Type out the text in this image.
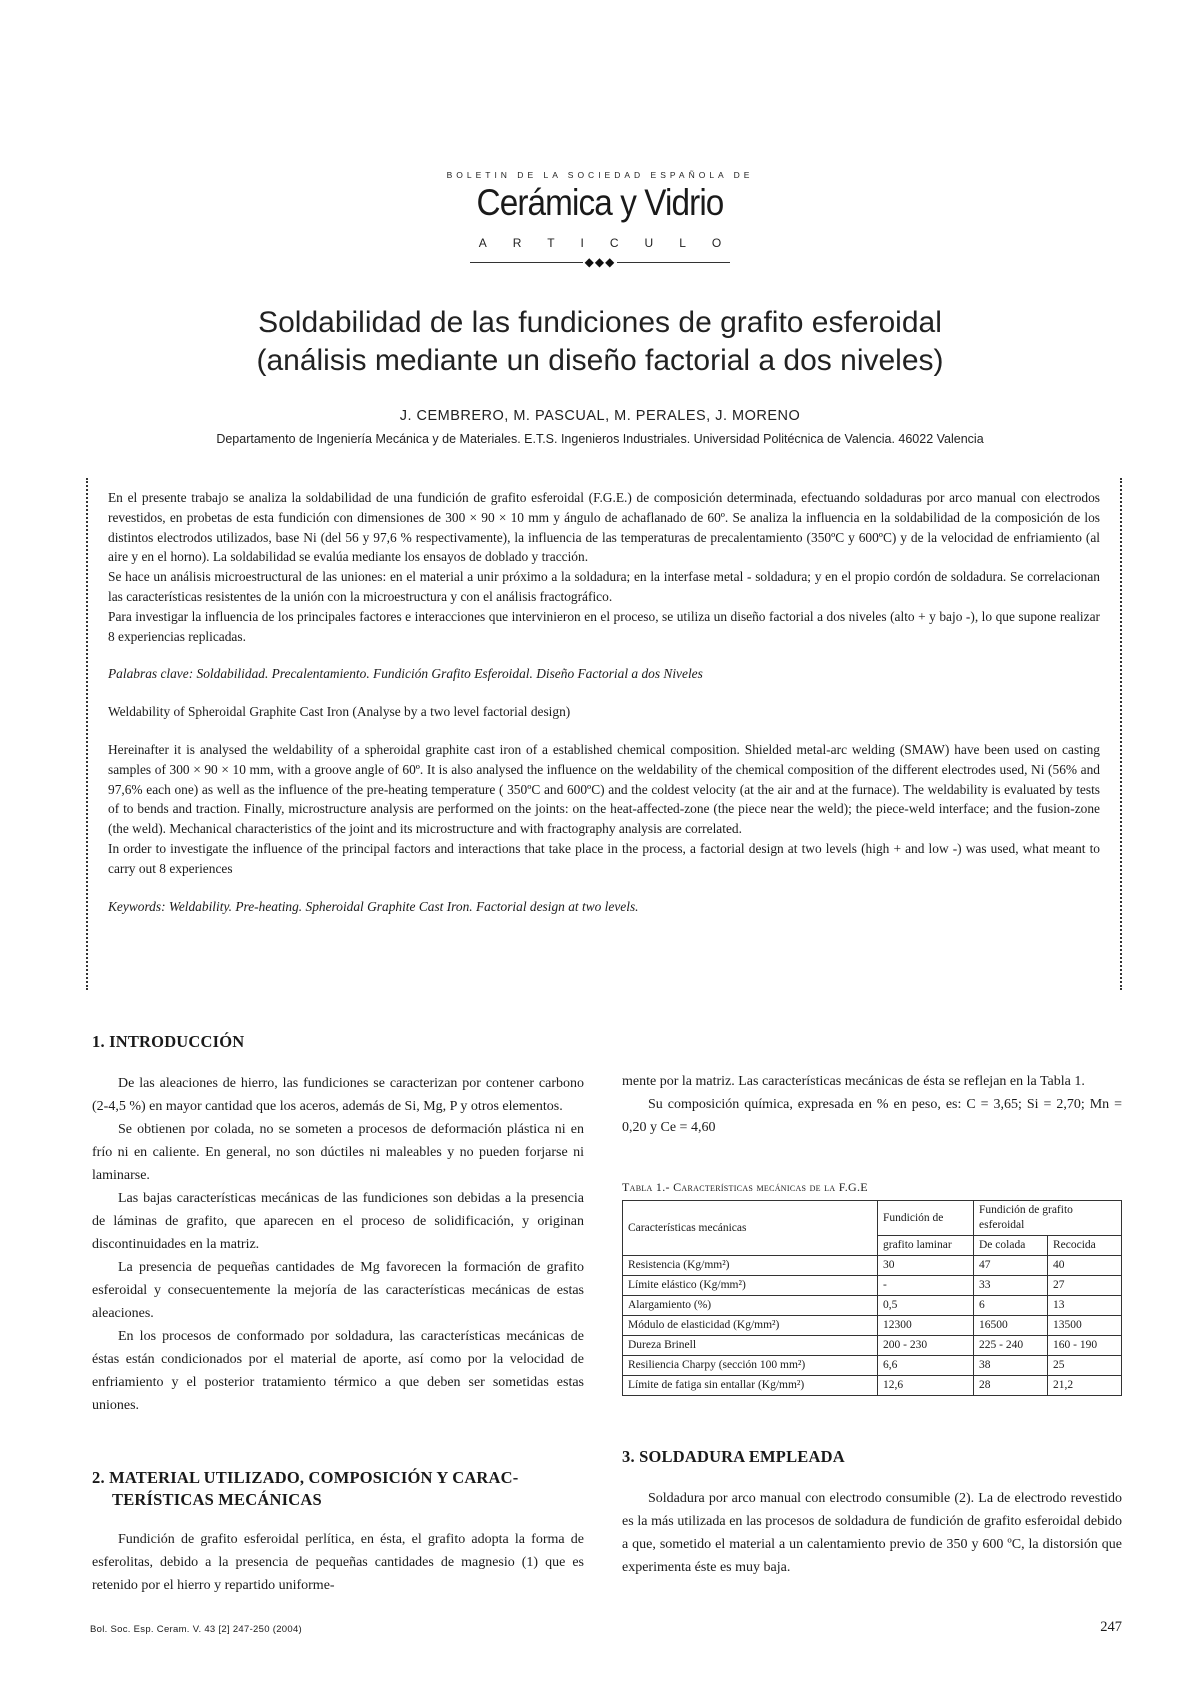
BOLETIN DE LA SOCIEDAD ESPAÑOLA DE
Cerámica y Vidrio
ARTICULO
◆◆◆
Soldabilidad de las fundiciones de grafito esferoidal
(análisis mediante un diseño factorial a dos niveles)
J. CEMBRERO, M. PASCUAL, M. PERALES, J. MORENO
Departamento de Ingeniería Mecánica y de Materiales. E.T.S. Ingenieros Industriales. Universidad Politécnica de Valencia. 46022 Valencia

En el presente trabajo se analiza la soldabilidad de una fundición de grafito esferoidal (F.G.E.) de composición determinada, efectuando soldaduras por arco manual con electrodos revestidos, en probetas de esta fundición con dimensiones de 300 × 90 × 10 mm y ángulo de achaflanado de 60º. Se analiza la influencia en la soldabilidad de la composición de los distintos electrodos utilizados, base Ni (del 56 y 97,6 % respectivamente), la influencia de las temperaturas de precalentamiento (350ºC y 600ºC) y de la velocidad de enfriamiento (al aire y en el horno). La soldabilidad se evalúa mediante los ensayos de doblado y tracción.

Se hace un análisis microestructural de las uniones: en el material a unir próximo a la soldadura; en la interfase metal - soldadura; y en el propio cordón de soldadura. Se correlacionan las características resistentes de la unión con la microestructura y con el análisis fractográfico.

Para investigar la influencia de los principales factores e interacciones que intervinieron en el proceso, se utiliza un diseño factorial a dos niveles (alto + y bajo -), lo que supone realizar 8 experiencias replicadas.

Palabras clave: Soldabilidad. Precalentamiento. Fundición Grafito Esferoidal. Diseño Factorial a dos Niveles

Weldability of Spheroidal Graphite Cast Iron (Analyse by a two level factorial design)

Hereinafter it is analysed the weldability of a spheroidal graphite cast iron of a established chemical composition. Shielded metal-arc welding (SMAW) have been used on casting samples of 300 × 90 × 10 mm, with a groove angle of 60º. It is also analysed the influence on the weldability of the chemical composition of the different electrodes used, Ni (56% and 97,6% each one) as well as the influence of the pre-heating temperature ( 350ºC and 600ºC) and the coldest velocity (at the air and at the furnace). The weldability is evaluated by tests of to bends and traction. Finally, microstructure analysis are performed on the joints: on the heat-affected-zone (the piece near the weld); the piece-weld interface; and the fusion-zone (the weld). Mechanical characteristics of the joint and its microstructure and with fractography analysis are correlated.

In order to investigate the influence of the principal factors and interactions that take place in the process, a factorial design at two levels (high + and low -) was used, what meant to carry out 8 experiences

Keywords: Weldability. Pre-heating. Spheroidal Graphite Cast Iron. Factorial design at two levels.

1. INTRODUCCIÓN

De las aleaciones de hierro, las fundiciones se caracterizan por contener carbono (2-4,5 %) en mayor cantidad que los aceros, además de Si, Mg, P y otros elementos.

Se obtienen por colada, no se someten a procesos de deformación plástica ni en frío ni en caliente. En general, no son dúctiles ni maleables y no pueden forjarse ni laminarse.

Las bajas características mecánicas de las fundiciones son debidas a la presencia de láminas de grafito, que aparecen en el proceso de solidificación, y originan discontinuidades en la matriz.

La presencia de pequeñas cantidades de Mg favorecen la formación de grafito esferoidal y consecuentemente la mejoría de las características mecánicas de estas aleaciones.

En los procesos de conformado por soldadura, las características mecánicas de éstas están condicionados por el material de aporte, así como por la velocidad de enfriamiento y el posterior tratamiento térmico a que deben ser sometidas estas uniones.

2. MATERIAL UTILIZADO, COMPOSICIÓN Y CARAC-
TERÍSTICAS MECÁNICAS

Fundición de grafito esferoidal perlítica, en ésta, el grafito adopta la forma de esferolitas, debido a la presencia de pequeñas cantidades de magnesio (1) que es retenido por el hierro y repartido uniforme-

mente por la matriz. Las características mecánicas de ésta se reflejan en la Tabla 1.

Su composición química, expresada en % en peso, es: C = 3,65; Si = 2,70; Mn = 0,20 y Ce = 4,60

Tabla 1.- Características mecánicas de la F.G.E
Características mecánicas	Fundición de	Fundición de grafito esferoidal	
	grafito laminar	De colada	Recocida
Resistencia (Kg/mm²)	30	47	40
Límite elástico (Kg/mm²)	-	33	27
Alargamiento (%)	0,5	6	13
Módulo de elasticidad (Kg/mm²)	12300	16500	13500
Dureza Brinell	200 - 230	225 - 240	160 - 190
Resiliencia Charpy (sección 100 mm²)	6,6	38	25
Límite de fatiga sin entallar (Kg/mm²)	12,6	28	21,2
3. SOLDADURA EMPLEADA

Soldadura por arco manual con electrodo consumible (2). La de electrodo revestido es la más utilizada en las procesos de soldadura de fundición de grafito esferoidal debido a que, sometido el material a un calentamiento previo de 350 y 600 ºC, la distorsión que experimenta éste es muy baja.

Bol. Soc. Esp. Ceram. V. 43 [2] 247-250 (2004)	247
